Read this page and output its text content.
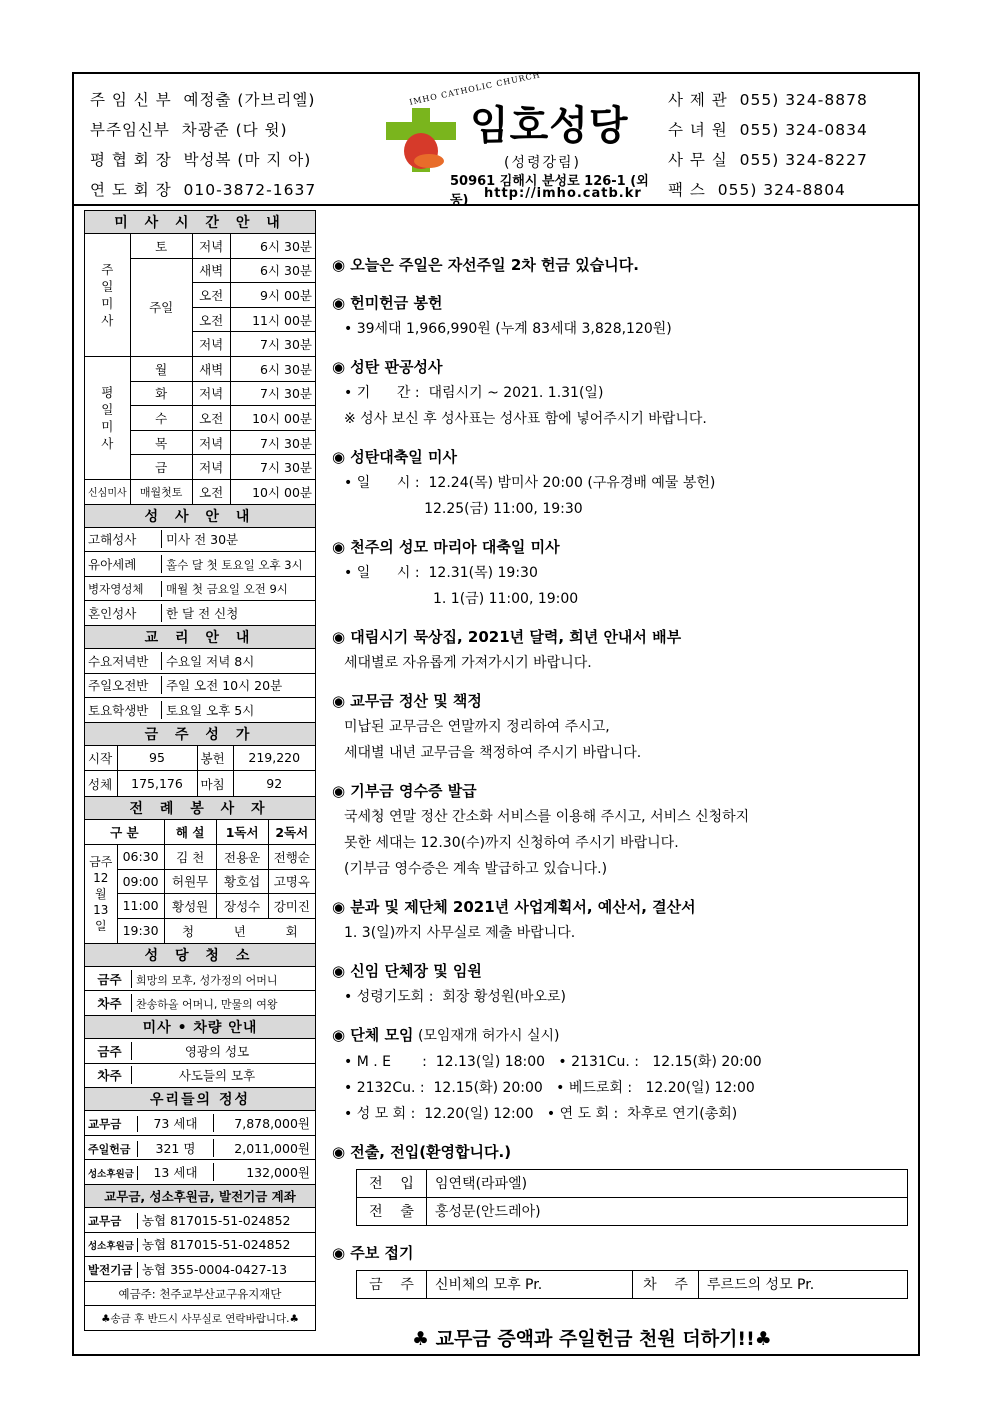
주 임 신 부 예정출 (가브리엘)
부주임신부 차광준 (다 윗)
평 협 회 장 박성복 (마 지 아)
연 도 회 장 010-3872-1637
IMHO CATHOLIC CHURCH
임호성당
(성령강림)
50961 김해시 분성로 126-1 (외동)	http://imho.catb.kr
사 제 관 055) 324-8878
수 녀 원 055) 324-0834
사 무 실 055) 324-8227
팩 스 055) 324-8804
미 사 시 간 안 내
주
일
미
사	토	저녁	6시 30분
주일	새벽	6시 30분
오전	9시 00분
오전	11시 00분
저녁	7시 30분
평
일
미
사	월	새벽	6시 30분
화	저녁	7시 30분
수	오전	10시 00분
목	저녁	7시 30분
금	저녁	7시 30분
신심미사	매월첫토	오전	10시 00분
성 사 안 내
고해성사 미사 전 30분
유아세례	홀수 달 첫 토요일 오후 3시
병자영성체 매월 첫 금요일 오전 9시
혼인성사 한 달 전 신청
교 리 안 내
수요저녁반 수요일 저녁 8시
주일오전반 주일 오전 10시 20분
토요학생반 토요일 오후 5시
금 주 성 가

시작	95	봉헌	219,220

성체	175,176	마침	92

전 례 봉 사 자

구 분	해 설	1독서	2독서
금주
12
월
13
일	06:30	김 천	전용운	전행순
09:00	허원무	황호섭	고명옥
11:00	황성원	장성수	강미진
19:30	청          년          회

성 당 청 소
금주 희망의 모후, 성가정의 어머니
차주 찬송하올 어머니, 만물의 여왕
미사 • 차량 안내
금주	영광의 성모
차주	사도들의 모후
우리들의 정성
교무금	73 세대	7,878,000원
주일헌금 321 명	2,011,000원
성소후원금 13 세대	132,000원
교무금, 성소후원금, 발전기금 계좌
교무금 농협 817015-51-024852
성소후원금 농협 817015-51-024852
발전기금 농협 355-0004-0427-13
예금주: 천주교부산교구유지재단
♣송금 후 반드시 사무실로 연락바랍니다.♣
◉ 오늘은 주일은 자선주일 2차 헌금 있습니다.
◉ 헌미헌금 봉헌
• 39세대 1,966,990원 (누계 83세대 3,828,120원)
◉ 성탄 판공성사
• 기      간 :  대림시기 ~ 2021. 1.31(일)
※ 성사 보신 후 성사표는 성사표 함에 넣어주시기 바랍니다.
◉ 성탄대축일 미사
• 일      시 :  12.24(목) 밤미사 20:00 (구유경배 예물 봉헌)
12.25(금) 11:00, 19:30
◉ 천주의 성모 마리아 대축일 미사
• 일      시 :  12.31(목) 19:30
1. 1(금) 11:00, 19:00
◉ 대림시기 묵상집, 2021년 달력, 희년 안내서 배부
세대별로 자유롭게 가져가시기 바랍니다.
◉ 교무금 정산 및 책정
미납된 교무금은 연말까지 정리하여 주시고,
세대별 내년 교무금을 책정하여 주시기 바랍니다.
◉ 기부금 영수증 발급
국세청 연말 정산 간소화 서비스를 이용해 주시고, 서비스 신청하지
못한 세대는 12.30(수)까지 신청하여 주시기 바랍니다.
(기부금 영수증은 계속 발급하고 있습니다.)
◉ 분과 및 제단체 2021년 사업계획서, 예산서, 결산서
1. 3(일)까지 사무실로 제출 바랍니다.
◉ 신임 단체장 및 임원
• 성령기도회 :  회장 황성원(바오로)
◉ 단체 모임 (모임재개 허가시 실시)
• M . E       :  12.13(일) 18:00   • 2131Cu. :   12.15(화) 20:00
• 2132Cu. :  12.15(화) 20:00   • 베드로회 :   12.20(일) 12:00
• 성 모 회 :  12.20(일) 12:00   • 연 도 회 :  차후로 연기(총회)
◉ 전출, 전입(환영합니다.)
전    입	임연택(라파엘)
전    출	홍성문(안드레아)
◉ 주보 접기
금    주	신비체의 모후 Pr.	차    주	루르드의 성모 Pr.
♣ 교무금 증액과 주일헌금 천원 더하기!!♣
